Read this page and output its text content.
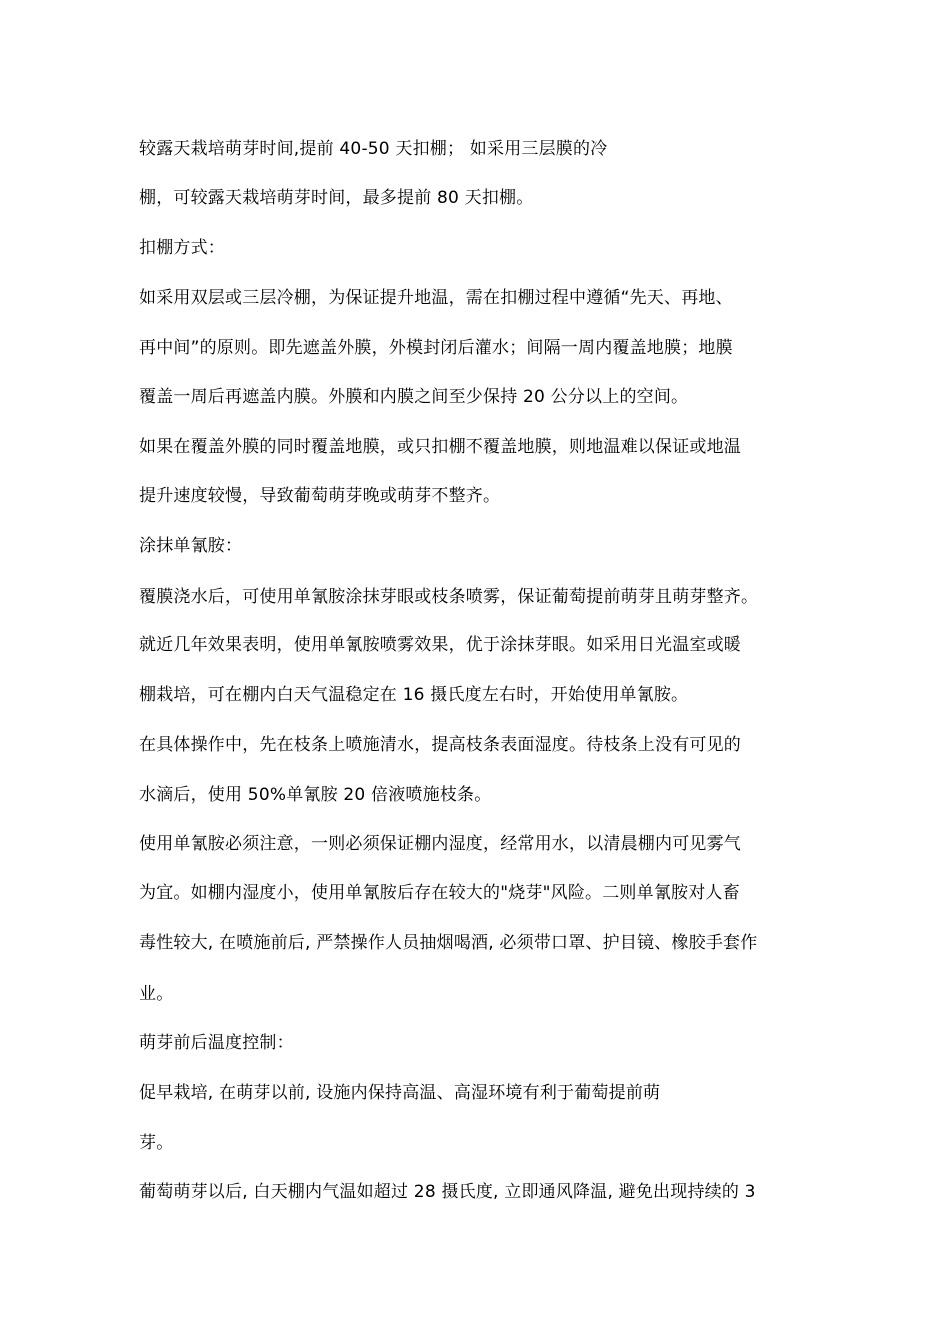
较露天栽培萌芽时间,提前 40-50 天扣棚； 如采用三层膜的冷
棚，可较露天栽培萌芽时间，最多提前 80 天扣棚。
扣棚方式：
如采用双层或三层冷棚，为保证提升地温，需在扣棚过程中遵循“先天、再地、
再中间”的原则。即先遮盖外膜，外模封闭后灌水；间隔一周内覆盖地膜；地膜
覆盖一周后再遮盖内膜。外膜和内膜之间至少保持 20 公分以上的空间。
如果在覆盖外膜的同时覆盖地膜，或只扣棚不覆盖地膜，则地温难以保证或地温
提升速度较慢，导致葡萄萌芽晚或萌芽不整齐。
涂抹单氰胺：
覆膜浇水后，可使用单氰胺涂抹芽眼或枝条喷雾，保证葡萄提前萌芽且萌芽整齐。
就近几年效果表明，使用单氰胺喷雾效果，优于涂抹芽眼。如采用日光温室或暖
棚栽培，可在棚内白天气温稳定在 16 摄氏度左右时，开始使用单氰胺。
在具体操作中，先在枝条上喷施清水，提高枝条表面湿度。待枝条上没有可见的
水滴后，使用 50%单氰胺 20 倍液喷施枝条。
使用单氰胺必须注意，一则必须保证棚内湿度，经常用水，以清晨棚内可见雾气
为宜。如棚内湿度小，使用单氰胺后存在较大的"烧芽"风险。二则单氰胺对人畜
毒性较大, 在喷施前后, 严禁操作人员抽烟喝酒, 必须带口罩、护目镜、橡胶手套作
业。
萌芽前后温度控制：
促早栽培, 在萌芽以前, 设施内保持高温、高湿环境有利于葡萄提前萌
芽。
葡萄萌芽以后, 白天棚内气温如超过 28 摄氏度, 立即通风降温, 避免出现持续的 3
